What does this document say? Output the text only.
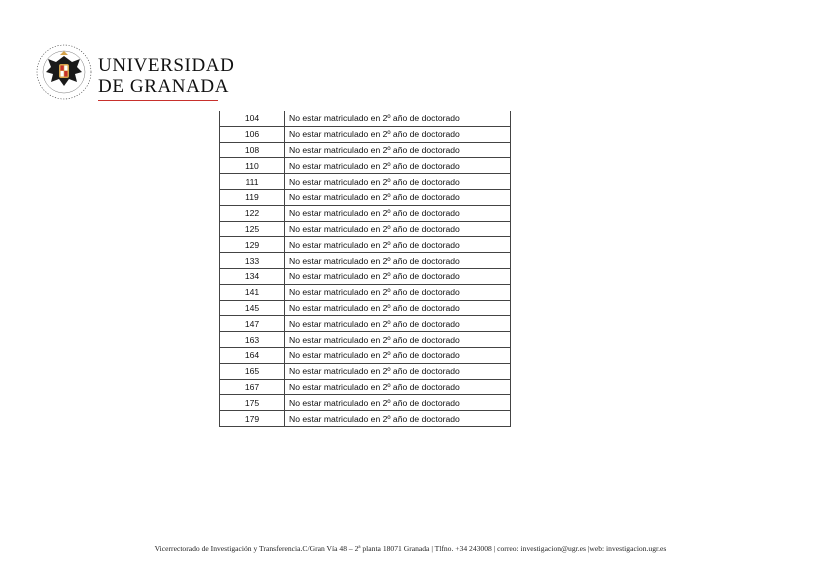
UNIVERSIDAD
DE GRANADA
104	No estar matriculado en 2º año de doctorado
106	No estar matriculado en 2º año de doctorado
108	No estar matriculado en 2º año de doctorado
110	No estar matriculado en 2º año de doctorado
111	No estar matriculado en 2º año de doctorado
119	No estar matriculado en 2º año de doctorado
122	No estar matriculado en 2º año de doctorado
125	No estar matriculado en 2º año de doctorado
129	No estar matriculado en 2º año de doctorado
133	No estar matriculado en 2º año de doctorado
134	No estar matriculado en 2º año de doctorado
141	No estar matriculado en 2º año de doctorado
145	No estar matriculado en 2º año de doctorado
147	No estar matriculado en 2º año de doctorado
163	No estar matriculado en 2º año de doctorado
164	No estar matriculado en 2º año de doctorado
165	No estar matriculado en 2º año de doctorado
167	No estar matriculado en 2º año de doctorado
175	No estar matriculado en 2º año de doctorado
179	No estar matriculado en 2º año de doctorado
Vicerrectorado de Investigación y Transferencia.C/Gran Vía 48 – 2ª planta 18071 Granada | Tlfno. +34 243008 | correo: investigacion@ugr.es |web: investigacion.ugr.es
